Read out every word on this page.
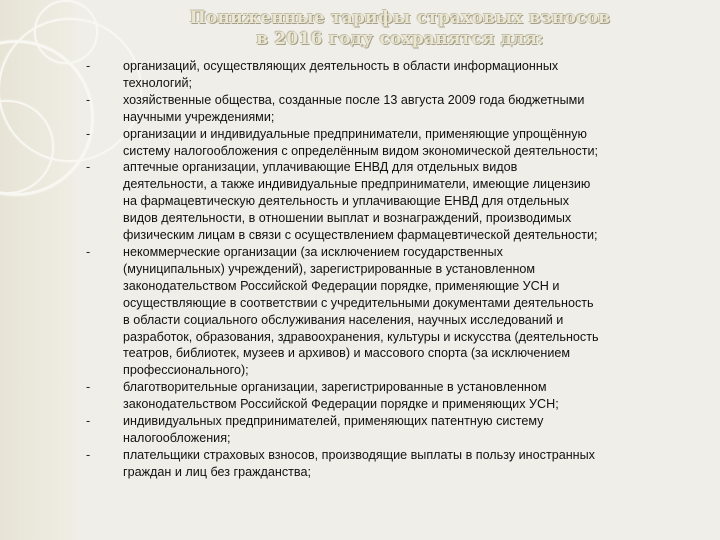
Пониженные тарифы страховых взносов
в 2016 году сохранятся для:
-	организаций, осуществляющих деятельность в области информационных
технологий;
-	хозяйственные общества, созданные после 13 августа 2009 года бюджетными
научными учреждениями;
-	организации и индивидуальные предприниматели, применяющие упрощённую
систему налогообложения с определённым видом экономической деятельности;
-	аптечные организации, уплачивающие ЕНВД для отдельных видов
деятельности, а также индивидуальные предприниматели, имеющие лицензию
на фармацевтическую деятельность и уплачивающие ЕНВД для отдельных
видов деятельности, в отношении выплат и вознаграждений, производимых
физическим лицам в связи с осуществлением фармацевтической деятельности;
-	некоммерческие организации (за исключением государственных
(муниципальных) учреждений), зарегистрированные в установленном
законодательством Российской Федерации порядке, применяющие УСН и
осуществляющие в соответствии с учредительными документами деятельность
в области социального обслуживания населения, научных исследований и
разработок, образования, здравоохранения, культуры и искусства (деятельность
театров, библиотек, музеев и архивов) и массового спорта (за исключением
профессионального);
-	благотворительные организации, зарегистрированные в установленном
законодательством Российской Федерации порядке и применяющих УСН;
-	индивидуальных предпринимателей, применяющих патентную систему
налогообложения;
-	плательщики страховых взносов, производящие выплаты в пользу иностранных
граждан и лиц без гражданства;
